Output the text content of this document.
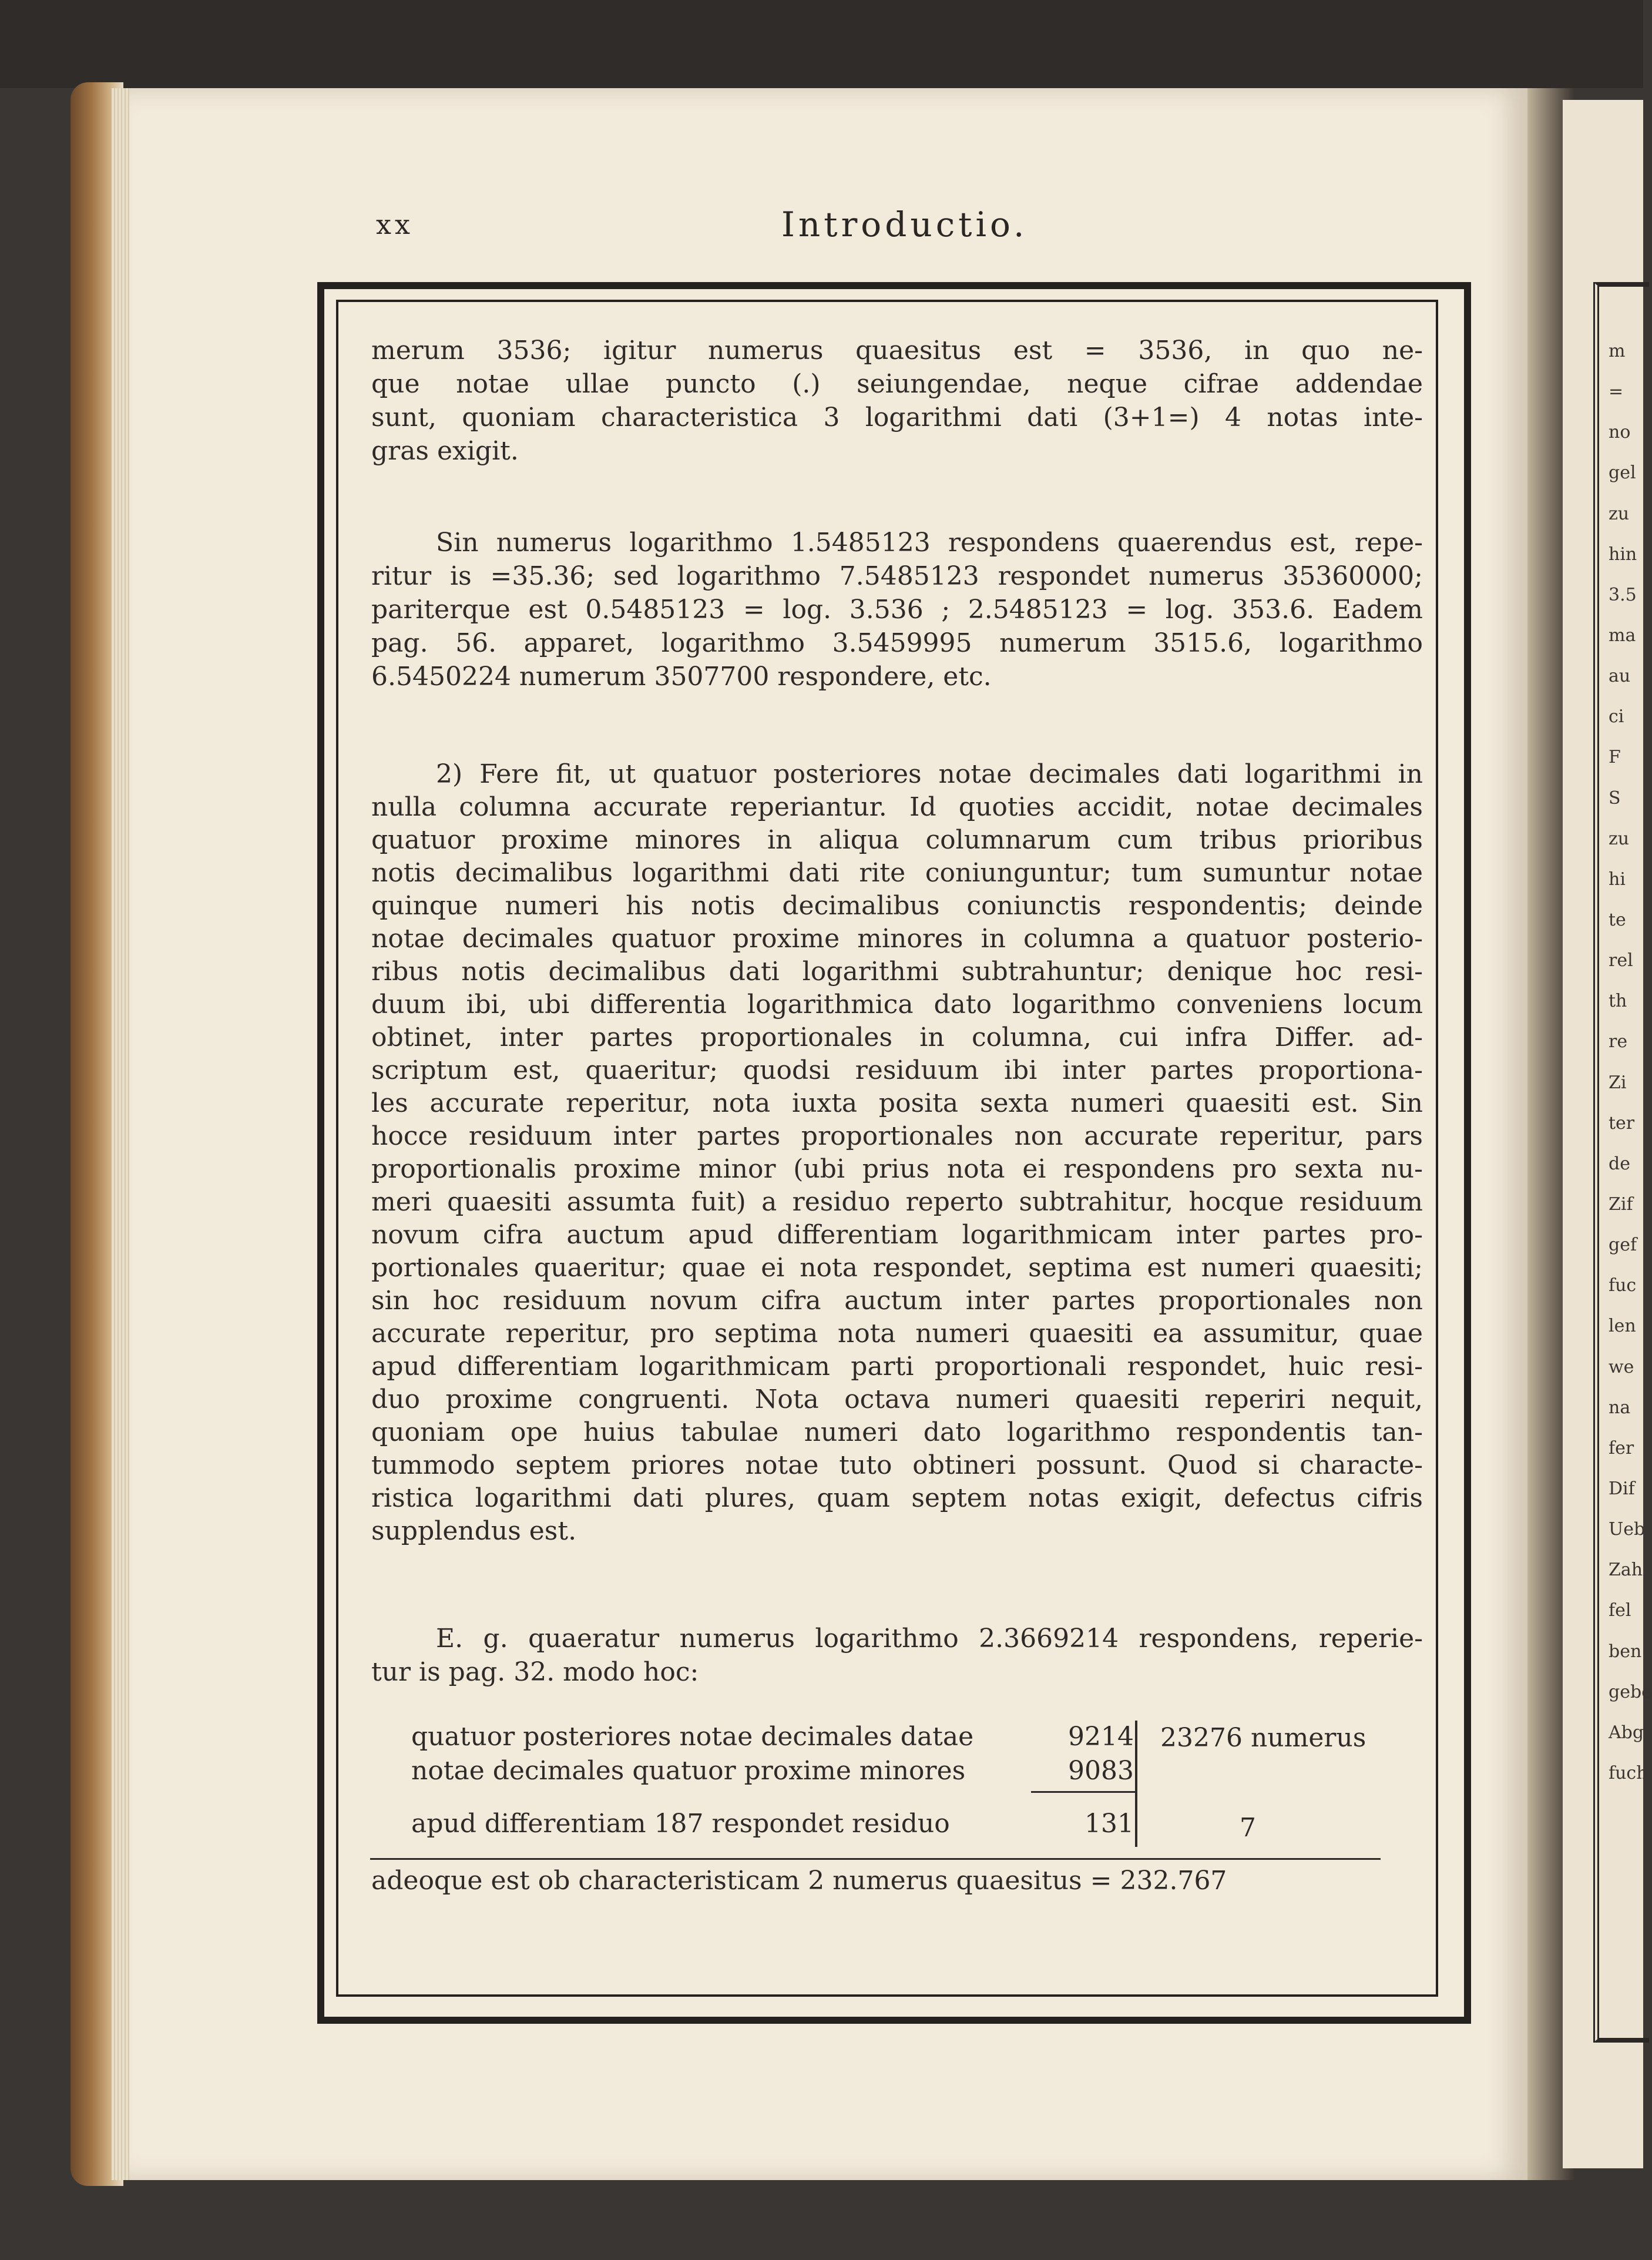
m
=
no
gel
zu
hin
3.5
ma
au
ci
F
S
zu
hi
te
rel
th
re
Zi
ter
de
Zif
gef
fuc
len
we
na
fer
Dif
Ueb
Zah
fel
ben
gebe
Abg
fuch
xx	Introductio.
merum 3536; igitur numerus quaesitus est = 3536, in quo ne-
que notae ullae puncto (.) seiungendae, neque cifrae addendae
sunt, quoniam characteristica 3 logarithmi dati (3+1=) 4 notas inte-
gras exigit.
Sin numerus logarithmo 1.5485123 respondens quaerendus est, repe-
ritur is =35.36; sed logarithmo 7.5485123 respondet numerus 35360000;
pariterque est 0.5485123 = log. 3.536 ; 2.5485123 = log. 353.6. Eadem
pag. 56. apparet, logarithmo 3.5459995 numerum 3515.6, logarithmo
6.5450224 numerum 3507700 respondere, etc.
2) Fere fit, ut quatuor posteriores notae decimales dati logarithmi in
nulla columna accurate reperiantur. Id quoties accidit, notae decimales
quatuor proxime minores in aliqua columnarum cum tribus prioribus
notis decimalibus logarithmi dati rite coniunguntur; tum sumuntur notae
quinque numeri his notis decimalibus coniunctis respondentis; deinde
notae decimales quatuor proxime minores in columna a quatuor posterio-
ribus notis decimalibus dati logarithmi subtrahuntur; denique hoc resi-
duum ibi, ubi differentia logarithmica dato logarithmo conveniens locum
obtinet, inter partes proportionales in columna, cui infra Differ. ad-
scriptum est, quaeritur; quodsi residuum ibi inter partes proportiona-
les accurate reperitur, nota iuxta posita sexta numeri quaesiti est. Sin
hocce residuum inter partes proportionales non accurate reperitur, pars
proportionalis proxime minor (ubi prius nota ei respondens pro sexta nu-
meri quaesiti assumta fuit) a residuo reperto subtrahitur, hocque residuum
novum cifra auctum apud differentiam logarithmicam inter partes pro-
portionales quaeritur; quae ei nota respondet, septima est numeri quaesiti;
sin hoc residuum novum cifra auctum inter partes proportionales non
accurate reperitur, pro septima nota numeri quaesiti ea assumitur, quae
apud differentiam logarithmicam parti proportionali respondet, huic resi-
duo proxime congruenti. Nota octava numeri quaesiti reperiri nequit,
quoniam ope huius tabulae numeri dato logarithmo respondentis tan-
tummodo septem priores notae tuto obtineri possunt. Quod si characte-
ristica logarithmi dati plures, quam septem notas exigit, defectus cifris
supplendus est.
E. g. quaeratur numerus logarithmo 2.3669214 respondens, reperie-
tur is pag. 32. modo hoc:
quatuor posteriores notae decimales datae	9214 23276 numerus
notae decimales quatuor proxime minores	9083
apud differentiam 187 respondet residuo	131	7
adeoque est ob characteristicam 2 numerus quaesitus = 232.767
